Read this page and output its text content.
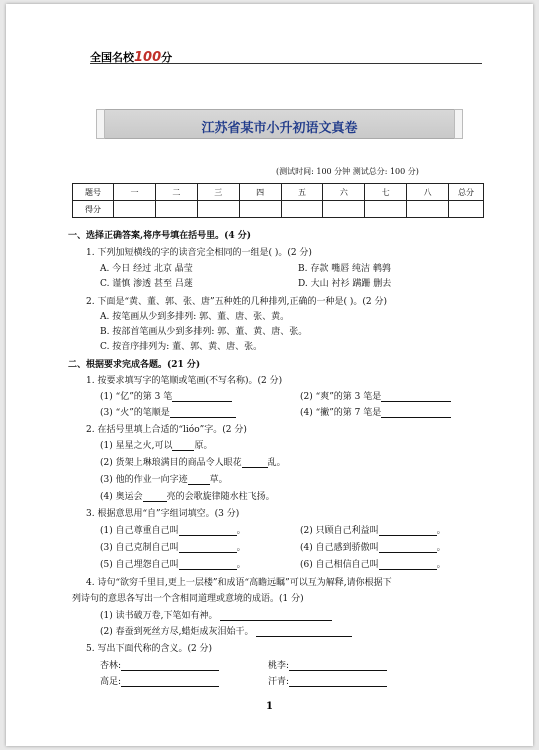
全国名校100分
江苏省某市小升初语文真卷
(测试时间: 100 分钟 测试总分: 100 分)
题号	一	二	三	四	五	六	七	八	总分
得分									
一、选择正确答案,将序号填在括号里。(4 分)
1. 下列加短横线的字的读音完全相同的一组是( )。(2 分)
A. 今日 经过 北京 晶莹	B. 存款 嘴唇 纯洁 鹌鹑
C. 谨慎 渗透 甚至 吕蒾	D. 大山 衬衫 蹒跚 删去
2. 下面是“黄、董、郭、张、唐”五种姓的几种排列,正确的一种是( )。(2 分)
A. 按笔画从少到多排列: 郭、董、唐、张、黄。
B. 按部首笔画从少到多排列: 郭、董、黄、唐、张。
C. 按音序排列为: 董、郭、黄、唐、张。
二、根据要求完成各题。(21 分)
1. 按要求填写字的笔顺或笔画(不写名称)。(2 分)
(1) “亿”的第 3 笔	(2) “爽”的第 3 笔是
(3) “火”的笔顺是	(4) “撇”的第 7 笔是
2. 在括号里填上合适的“lióo”字。(2 分)
(1) 星星之火,可以 原。
(2) 货架上琳琅满目的商品令人眼花	乱。
(3) 他的作业一向字迹 草。
(4) 奥运会	亮的会歌旋律随水柱飞扬。
3. 根据意思用“自”字组词填空。(3 分)
(1) 自己尊重自己叫	。	(2) 只顾自己利益叫	。
(3) 自己克制自己叫	。	(4) 自己感到骄傲叫	。
(5) 自己埋怨自己叫	。	(6) 自己相信自己叫	。
4. 诗句“欲穷千里目,更上一层楼”和成语“高瞻远瞩”可以互为解释,请你根据下
列诗句的意思各写出一个含相同道理或意境的成语。(1 分)
(1) 读书破万卷,下笔如有神。
(2) 春蚕到死丝方尽,蜡炬成灰泪始干。
5. 写出下面代称的含义。(2 分)
杏林:	桃李:
高足:	汗青:
1
